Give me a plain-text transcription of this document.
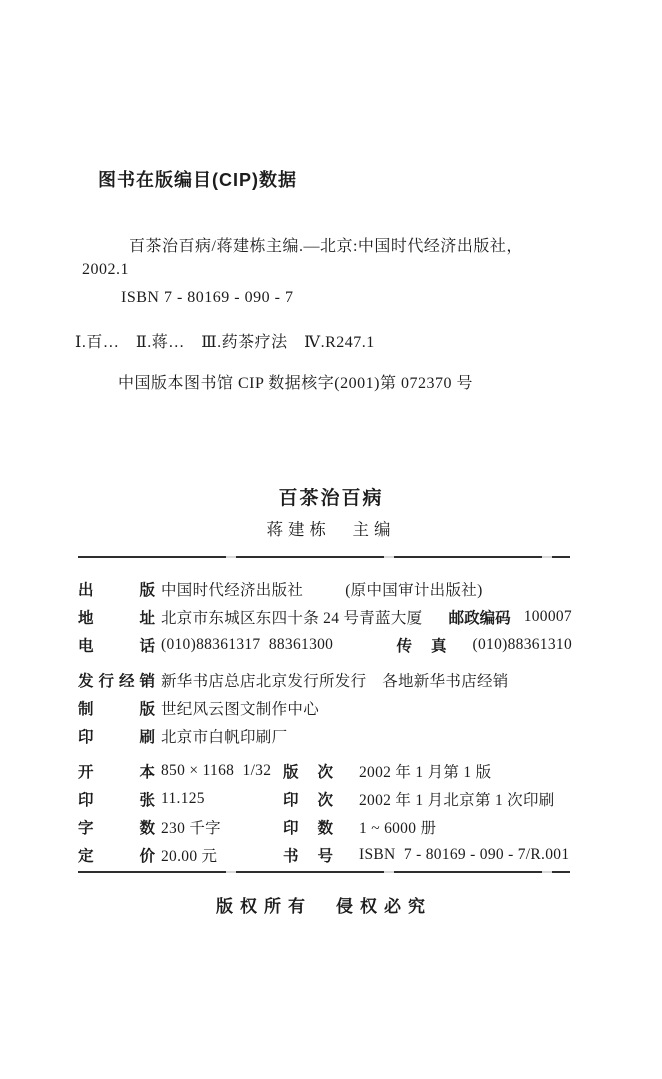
图书在版编目(CIP)数据
百茶治百病/蒋建栋主编.—北京:中国时代经济出版社，
2002.1
ISBN 7 - 80169 - 090 - 7
Ⅰ.百…　Ⅱ.蒋…　Ⅲ.药茶疗法　Ⅳ.R247.1
中国版本图书馆 CIP 数据核字(2001)第 072370 号
百茶治百病
蒋建栋　主编
出版 中国时代经济出版社	(原中国审计出版社)
地址 北京市东城区东四十条 24 号青蓝大厦 邮政编码 100007
电话 (010)88361317  88361300	传真 (010)88361310
发行经销 新华书店总店北京发行所发行　各地新华书店经销
制版 世纪风云图文制作中心
印刷 北京市白帆印刷厂
开本 850 × 1168  1/32 版次 2002 年 1 月第 1 版
印张 11.125	印次 2002 年 1 月北京第 1 次印刷
字数 230 千字	印数 1 ~ 6000 册
定价 20.00 元	书号 ISBN  7 - 80169 - 090 - 7/R.001
版权所有　侵权必究
